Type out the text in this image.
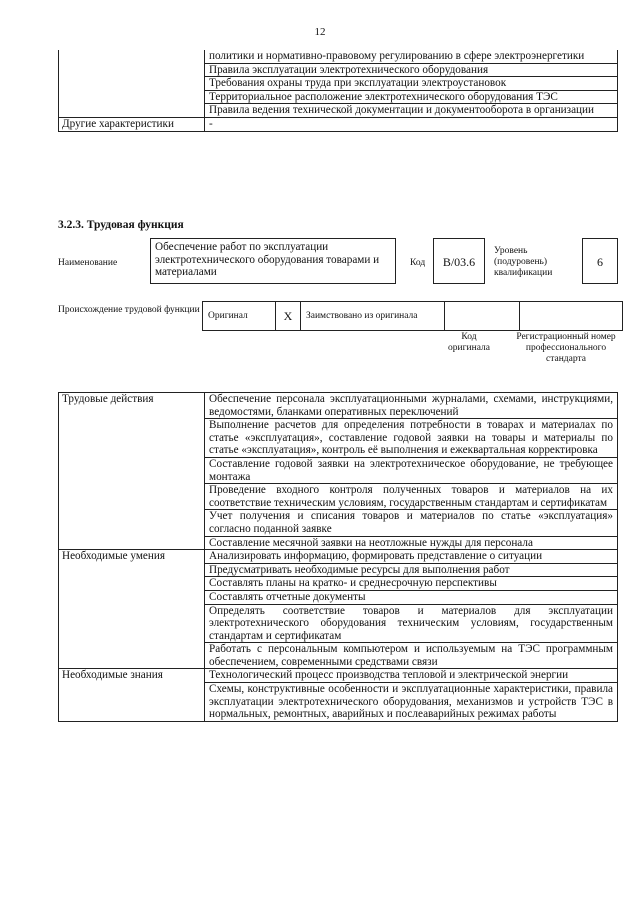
12
	политики и нормативно-правовому регулированию в сфере электроэнергетики
	Правила эксплуатации электротехнического оборудования
	Требования охраны труда при эксплуатации электроустановок
	Территориальное расположение электротехнического оборудования ТЭС
	Правила ведения технической документации и документооборота в организации
Другие характеристики	-
3.2.3. Трудовая функция
Наименование
Обеспечение работ по эксплуатации электротехнического оборудования товарами и материалами
Код	B/03.6
Уровень (подуровень) квалификации
6
Происхождение трудовой функции
Оригинал	X	Заимствовано из оригинала		
Код оригинала
Регистрационный номер профессионального стандарта
Трудовые действия	Обеспечение персонала эксплуатационными журналами, схемами, инструкциями, ведомостями, бланками оперативных переключений
	Выполнение расчетов для определения потребности в товарах и материалах по статье «эксплуатация», составление годовой заявки на товары и материалы по статье «эксплуатация», контроль её выполнения и ежеквартальная корректировка
	Составление годовой заявки на электротехническое оборудование, не требующее монтажа
	Проведение входного контроля полученных товаров и материалов на их соответствие техническим условиям, государственным стандартам и сертификатам
	Учет получения и списания товаров и материалов по статье «эксплуатация» согласно поданной заявке
	Составление месячной заявки на неотложные нужды для персонала
Необходимые умения	Анализировать информацию, формировать представление о ситуации
	Предусматривать необходимые ресурсы для выполнения работ
	Составлять планы на кратко- и среднесрочную перспективы
	Составлять отчетные документы
	Определять соответствие товаров и материалов для эксплуатации электротехнического оборудования техническим условиям, государственным стандартам и сертификатам
	Работать с персональным компьютером и используемым на ТЭС программным обеспечением, современными средствами связи
Необходимые знания	Технологический процесс производства тепловой и электрической энергии
	Схемы, конструктивные особенности и эксплуатационные характеристики, правила эксплуатации электротехнического оборудования, механизмов и устройств ТЭС в нормальных, ремонтных, аварийных и послеаварийных режимах работы
